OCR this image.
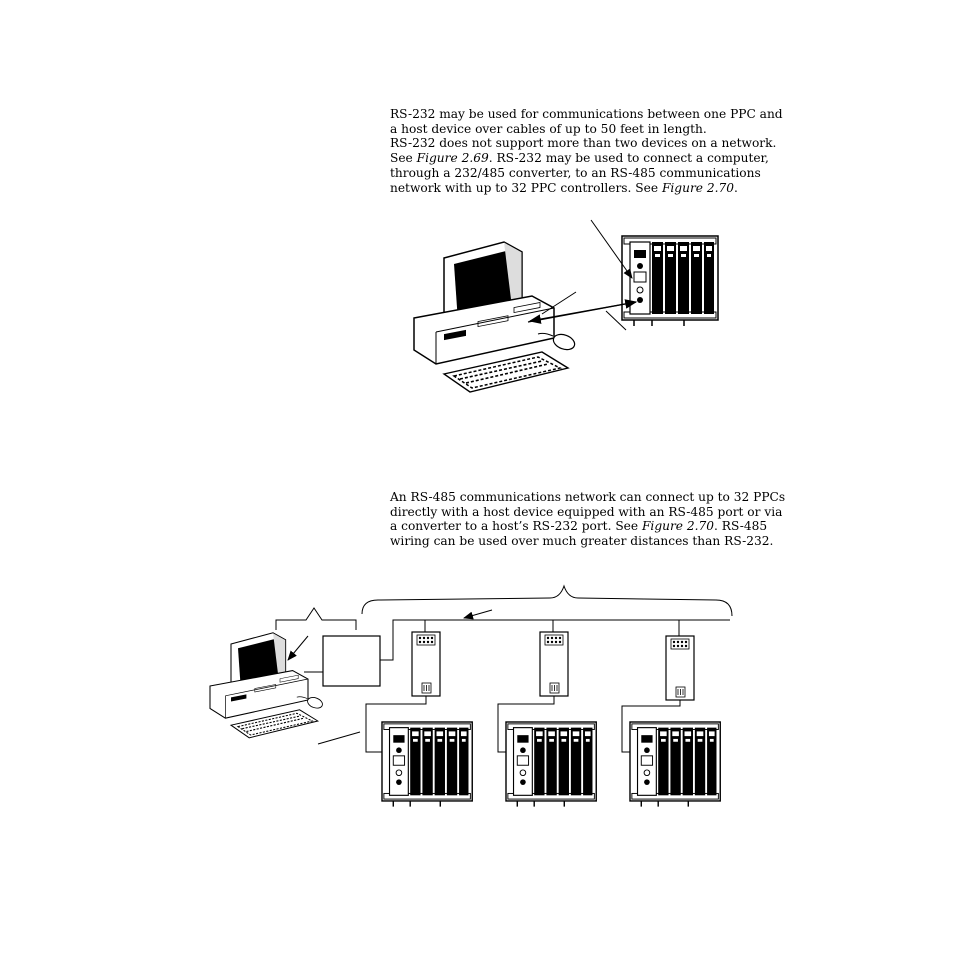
RS-232 may be used for communications between one PPC and
a host device over cables of up to 50 feet in length.
RS-232 does not support more than two devices on a network.
See Figure 2.69. RS-232 may be used to connect a computer,
through a 232/485 converter, to an RS-485 communications
network with up to 32 PPC controllers. See Figure 2.70.

An RS-485 communications network can connect up to 32 PPCs
directly with a host device equipped with an RS-485 port or via
a converter to a host’s RS-232 port. See Figure 2.70. RS-485
wiring can be used over much greater distances than RS-232.
